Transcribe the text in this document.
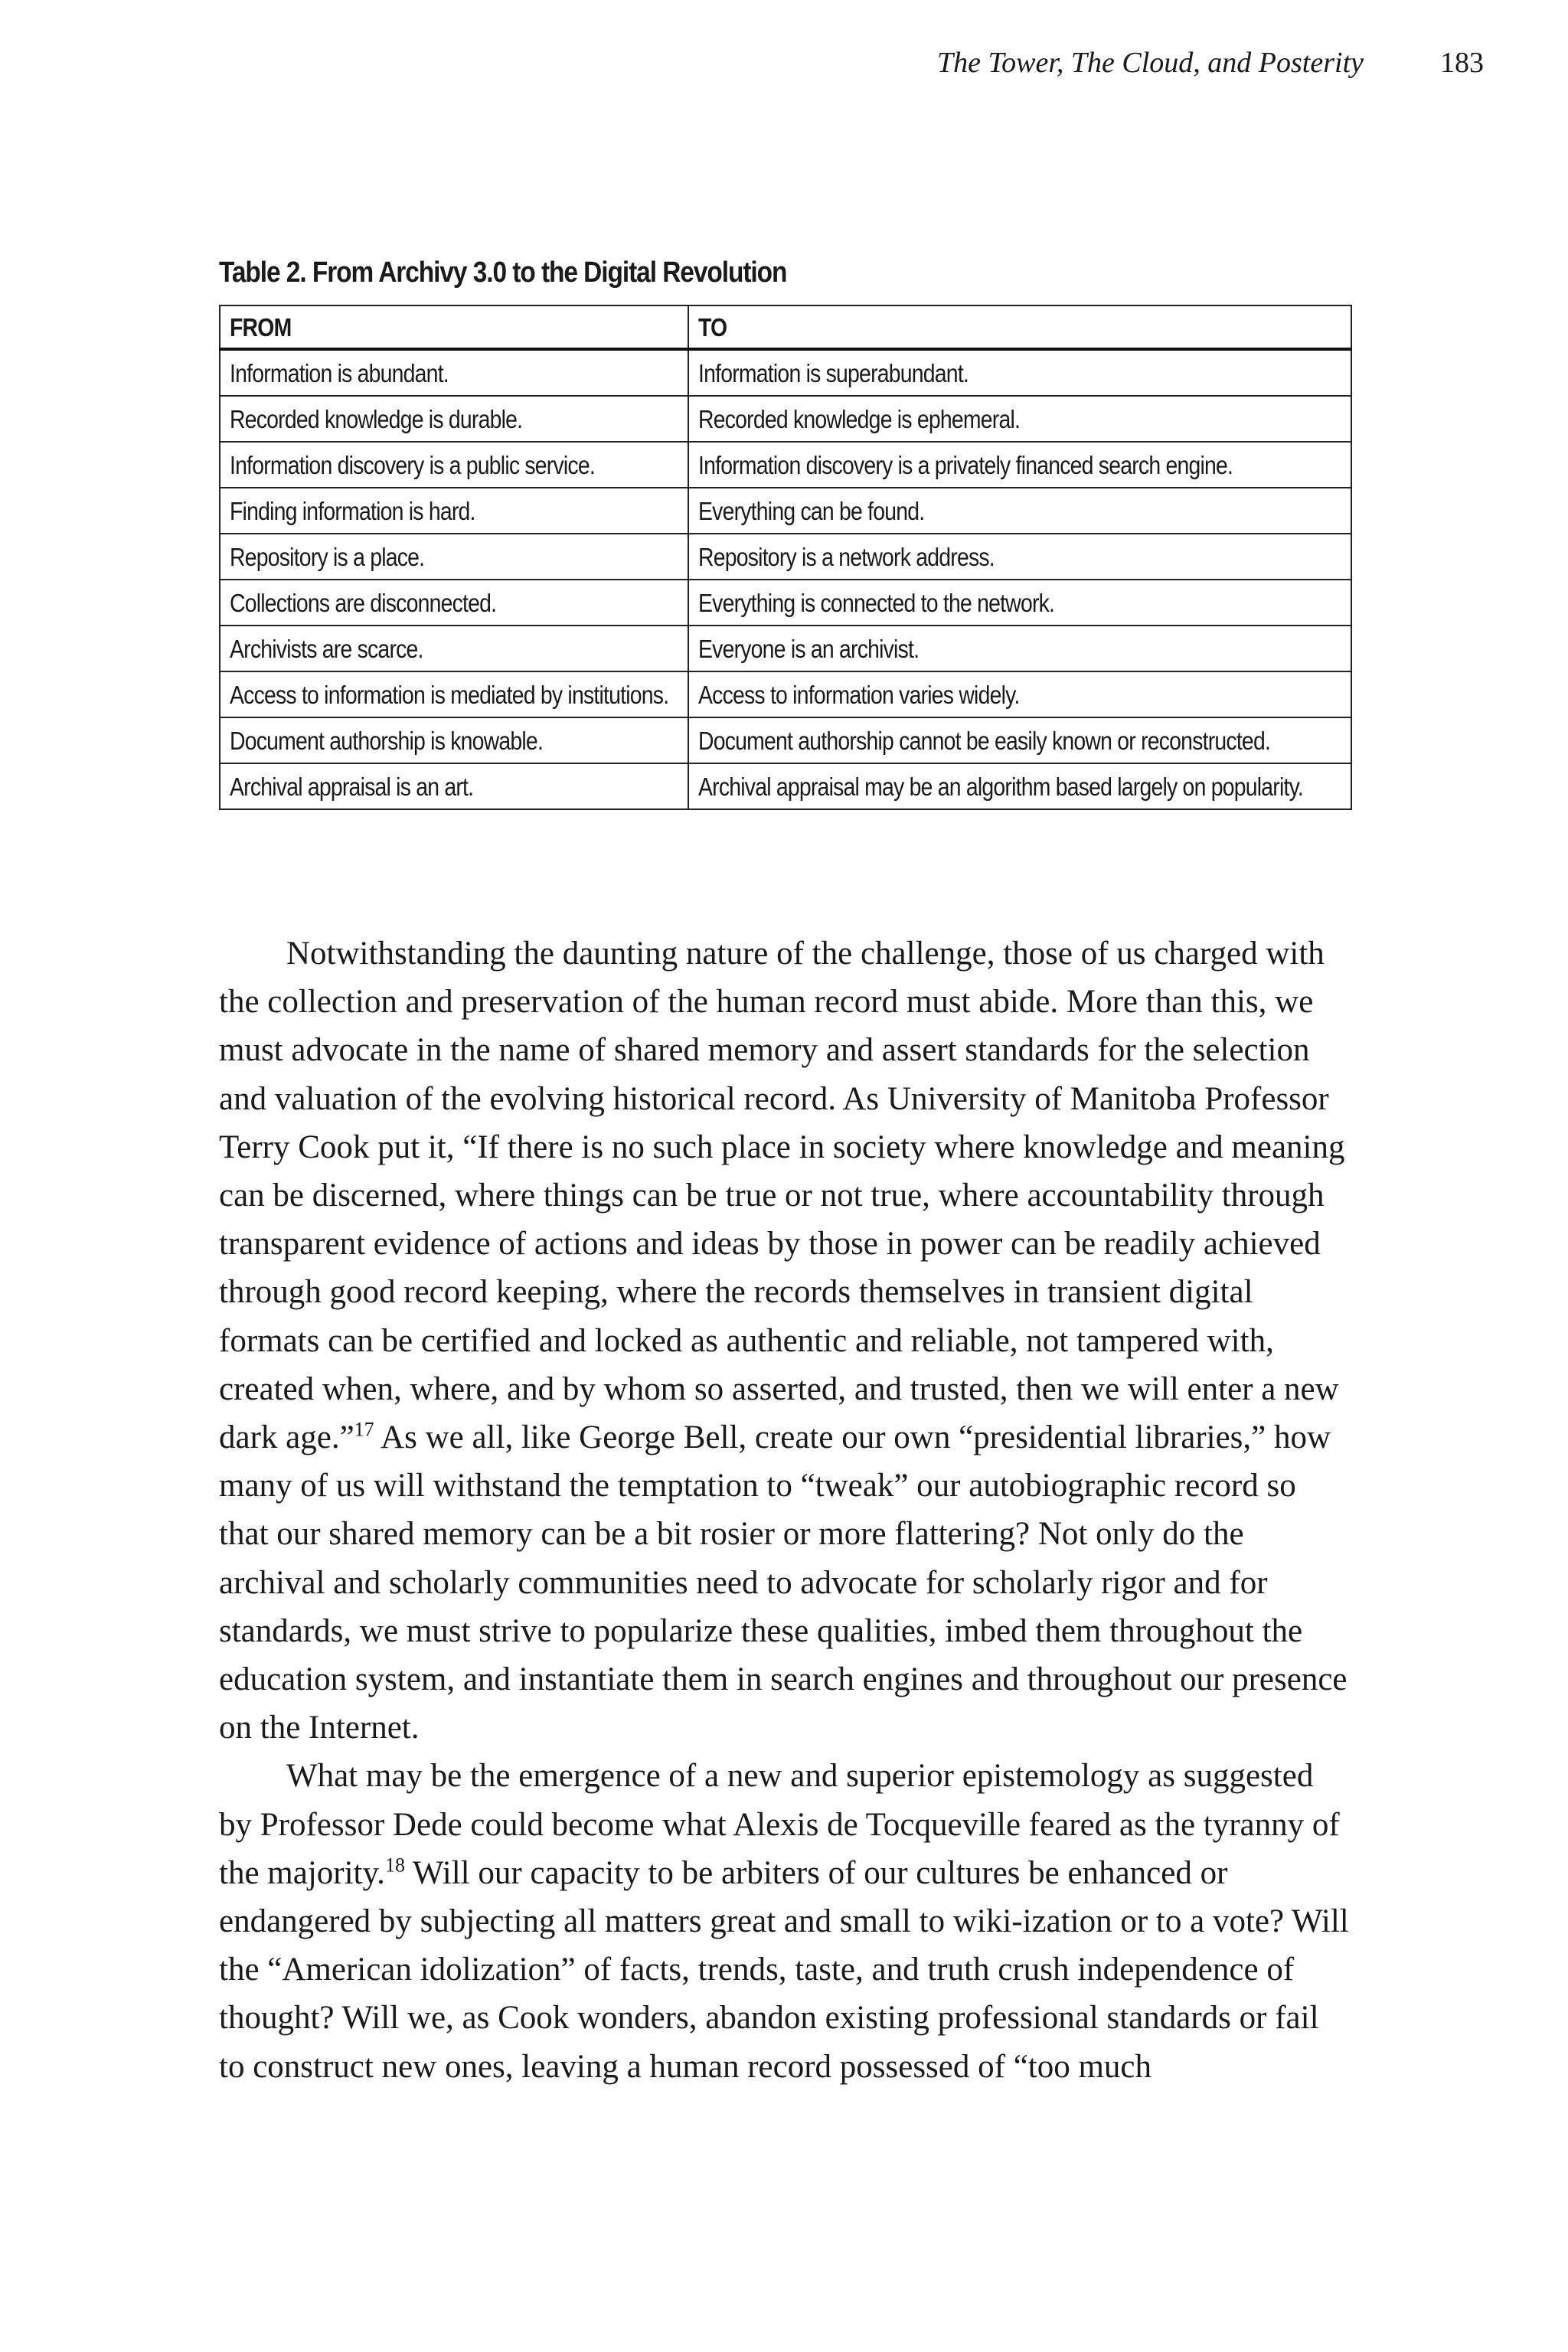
The Tower, The Cloud, and Posterity	183
Table 2. From Archivy 3.0 to the Digital Revolution
FROM	TO
Information is abundant.	Information is superabundant.
Recorded knowledge is durable.	Recorded knowledge is ephemeral.
Information discovery is a public service.	Information discovery is a privately financed search engine.
Finding information is hard.	Everything can be found.
Repository is a place.	Repository is a network address.
Collections are disconnected.	Everything is connected to the network.
Archivists are scarce.	Everyone is an archivist.
Access to information is mediated by institutions.	Access to information varies widely.
Document authorship is knowable.	Document authorship cannot be easily known or reconstructed.
Archival appraisal is an art.	Archival appraisal may be an algorithm based largely on popularity.

Notwithstanding the daunting nature of the challenge, those of us charged with the collection and preservation of the human record must abide. More than this, we must advocate in the name of shared memory and assert standards for the selection and valuation of the evolving historical record. As University of Manitoba Professor Terry Cook put it, “If there is no such place in society where knowledge and meaning can be discerned, where things can be true or not true, where accountability through transparent evidence of actions and ideas by those in power can be readily achieved through good record keeping, where the records themselves in transient digital formats can be certified and locked as authentic and reliable, not tampered with, created when, where, and by whom so asserted, and trusted, then we will enter a new dark age.”$^{17}$ As we all, like George Bell, create our own “presidential libraries,” how many of us will withstand the temptation to “tweak” our autobiographic record so that our shared memory can be a bit rosier or more flattering? Not only do the archival and scholarly communities need to advocate for scholarly rigor and for standards, we must strive to popularize these qualities, imbed them throughout the education system, and instantiate them in search engines and throughout our presence on the Internet.

What may be the emergence of a new and superior epistemology as suggested by Professor Dede could become what Alexis de Tocqueville feared as the tyranny of the majority.$^{18}$ Will our capacity to be arbiters of our cultures be enhanced or endangered by subjecting all matters great and small to wiki-ization or to a vote? Will the “American idolization” of facts, trends, taste, and truth crush independence of thought? Will we, as Cook wonders, abandon existing professional standards or fail to construct new ones, leaving a human record possessed of “too much
